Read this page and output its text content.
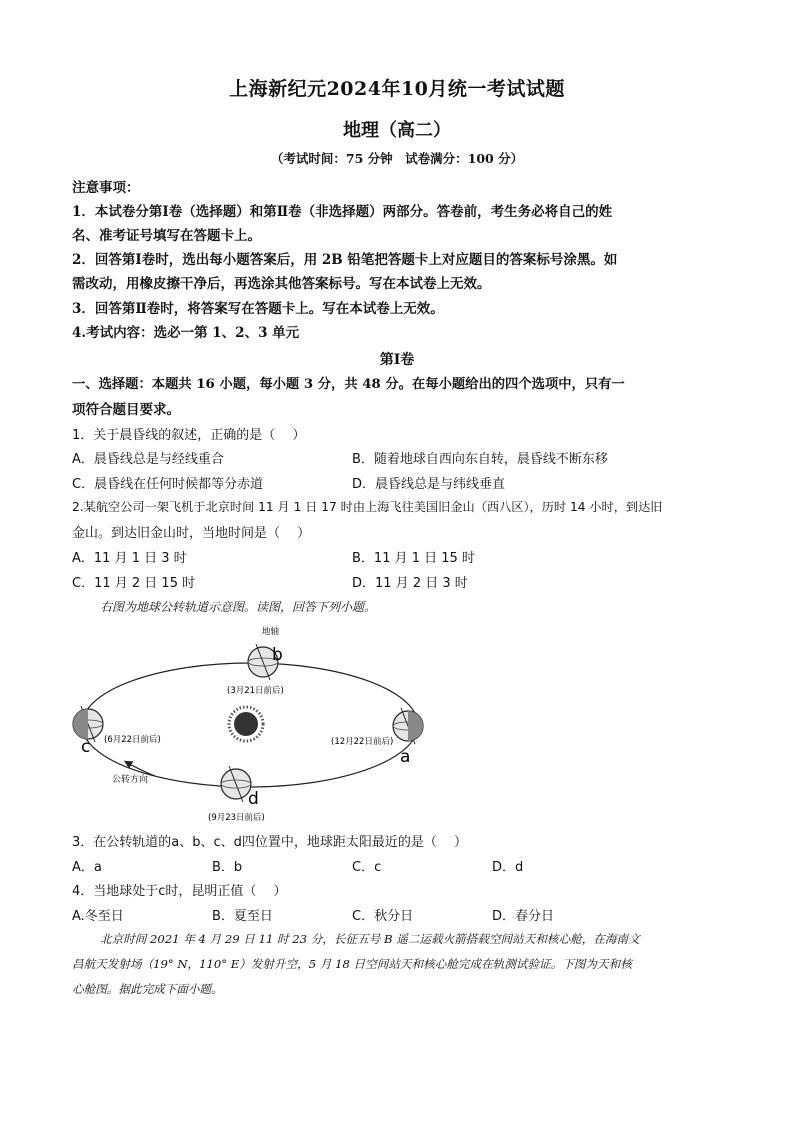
上海新纪元2024年10月统一考试试题
地理（高二）
（考试时间：75 分钟　试卷满分：100 分）
注意事项：
1．本试卷分第Ⅰ卷（选择题）和第Ⅱ卷（非选择题）两部分。答卷前，考生务必将自己的姓
名、准考证号填写在答题卡上。
2．回答第Ⅰ卷时，选出每小题答案后，用 2B 铅笔把答题卡上对应题目的答案标号涂黑。如
需改动，用橡皮擦干净后，再选涂其他答案标号。写在本试卷上无效。
3．回答第Ⅱ卷时，将答案写在答题卡上。写在本试卷上无效。
4.考试内容：选必一第 1、2、3 单元
第Ⅰ卷
一、选择题：本题共 16 小题，每小题 3 分，共 48 分。在每小题给出的四个选项中，只有一
项符合题目要求。
1．关于晨昏线的叙述，正确的是（　 ）
A．晨昏线总是与经线重合	B．随着地球自西向东自转，晨昏线不断东移
C．晨昏线在任何时候都等分赤道	D．晨昏线总是与纬线垂直
2.某航空公司一架飞机于北京时间 11 月 1 日 17 时由上海飞往美国旧金山（西八区），历时 14 小时，到达旧
金山。到达旧金山时，当地时间是（　 ）
A．11 月 1 日 3 时	B．11 月 1 日 15 时
C．11 月 2 日 15 时	D．11 月 2 日 3 时
右图为地球公转轨道示意图。读图，回答下列小题。
公转方向
地轴
b
(3月21日前后)
c (6月22日前后)
a
(12月22日前后)
d
(9月23日前后)
3．在公转轨道的a、b、c、d四位置中，地球距太阳最近的是（　 ）
A．a	B．b	C．c	D．d
4．当地球处于c时，昆明正值（　 ）
A.冬至日	B．夏至日	C．秋分日	D．春分日
北京时间 2021 年 4 月 29 日 11 时 23 分，长征五号 B 遥二运载火箭搭载空间站天和核心舱，在海南文
昌航天发射场（19° N，110° E）发射升空，5 月 18 日空间站天和核心舱完成在轨测试验证。下图为天和核
心舱图。据此完成下面小题。
